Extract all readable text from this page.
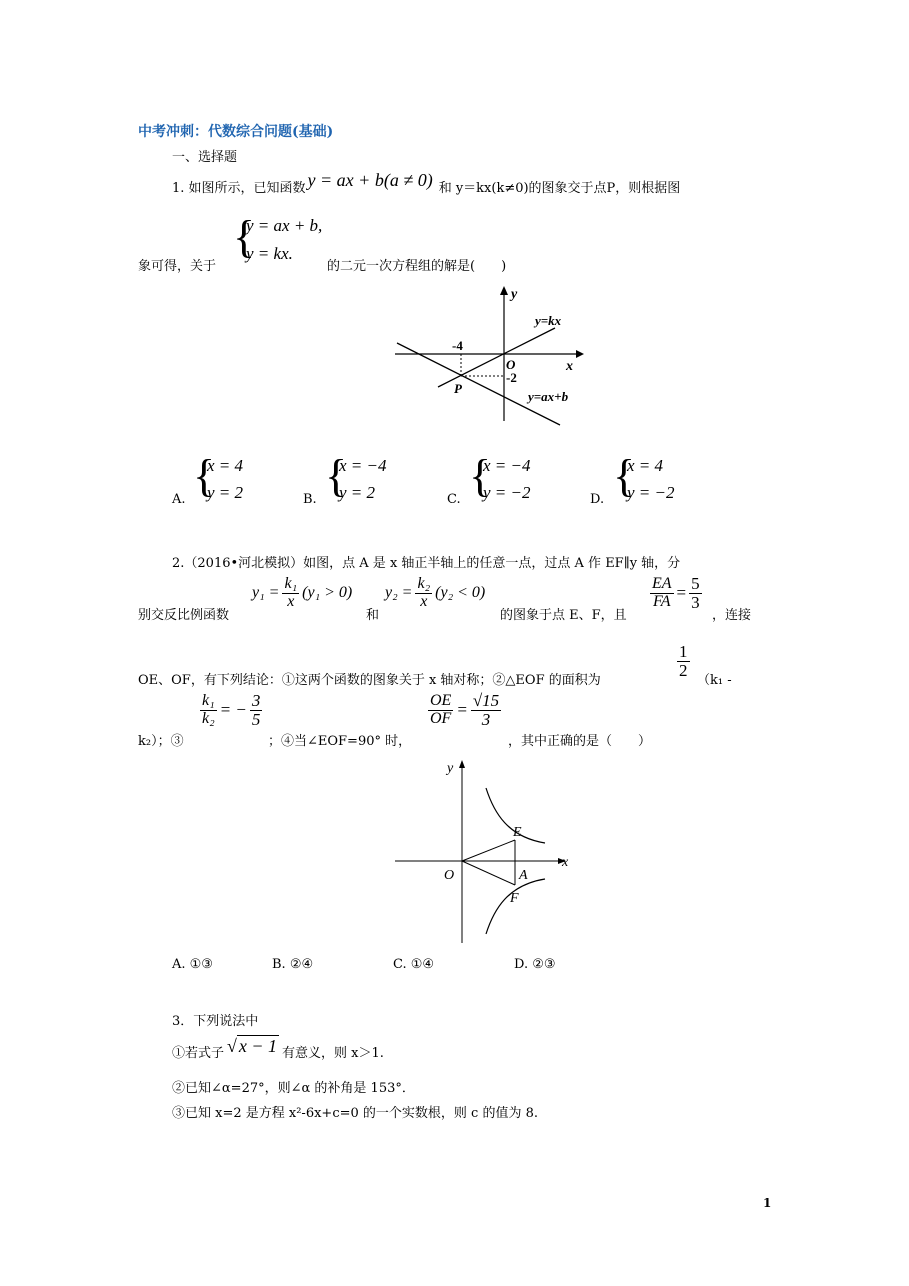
中考冲刺：代数综合问题(基础)
一、选择题
1. 如图所示，已知函数 y = ax + b(a ≠ 0) 和 y＝kx(k≠0)的图象交于点P，则根据图
象可得，关于
{
y = ax + b,
y = kx.
的二元一次方程组的解是(　　)
y
x
y=kx
y=ax+b
-4
-2
O
P
A. {
x = 4
y = 2	B. {
x = −4
y = 2	C. {
x = −4
y = −2	D. {
x = 4
y = −2
2.（2016•河北模拟）如图，点 A 是 x 轴正半轴上的任意一点，过点 A 作 EF∥y 轴，分
别交反比例函数
$y_1 = \frac{\text{k₁}}{x} (y_1 > 0)$
和
$y_2 = \frac{\text{k₂}}{x} (y_2 < 0)$
的图象于点 E、F，且
$\frac{EA}{FA} = \frac{5}{3}$
，连接
OE、OF，有下列结论：①这两个函数的图象关于 x 轴对称；②△EOF 的面积为
$\frac{1}{2}$
（k₁ -
k₂）；③
$\frac{\text{k₁}}{\text{k₂}}$ = − $\frac{3}{5}$
；④当∠EOF=90° 时，
$\frac{OE}{OF} = \frac{√15}{3}$
，其中正确的是（　　）
y
x
O
E
A
F
A. ①③	B. ②④	C. ①④	D. ②③
3．下列说法中
①若式子 √ x − 1 有意义，则 x＞1.
②已知∠α=27°，则∠α 的补角是 153°．
③已知 x=2 是方程 x²-6x+c=0 的一个实数根，则 c 的值为 8.
1
